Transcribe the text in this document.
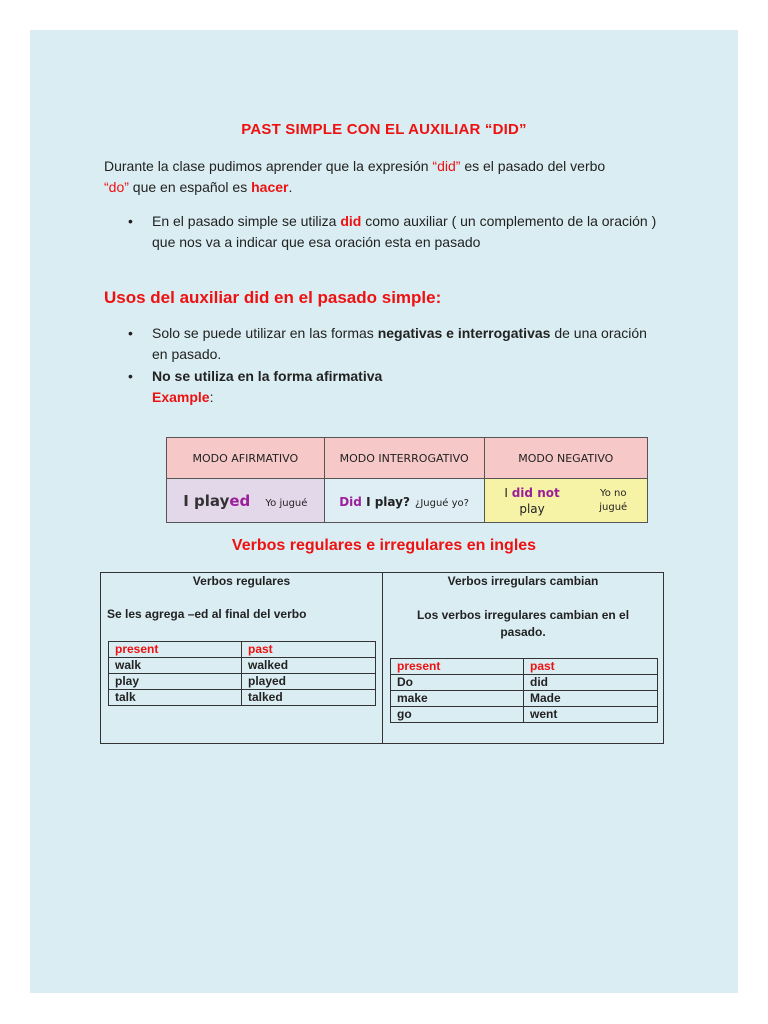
PAST SIMPLE CON EL AUXILIAR “DID”
Durante la clase pudimos aprender que la expresión “did” es el pasado del verbo
“do” que en español es hacer.
• En el pasado simple se utiliza did como auxiliar ( un complemento de la oración ) que nos va a indicar que esa oración esta en pasado
Usos del auxiliar did en el pasado simple:
• Solo se puede utilizar en las formas negativas e interrogativas de una oración en pasado.
• No se utiliza en la forma afirmativa
Example:
MODO AFIRMATIVO	MODO INTERROGATIVO	MODO NEGATIVO
I played Yo jugué	Did I play? ¿Jugué yo?	I did not
play
Yo no
jugué
Verbos regulares e irregulares en ingles
Verbos regulares
Se les agrega –ed al final del verbo
present	past
walk	walked
play	played
talk	talked
Verbos irregulars cambian
Los verbos irregulares cambian en el pasado.
present	past
Do	did
make	Made
go	went
